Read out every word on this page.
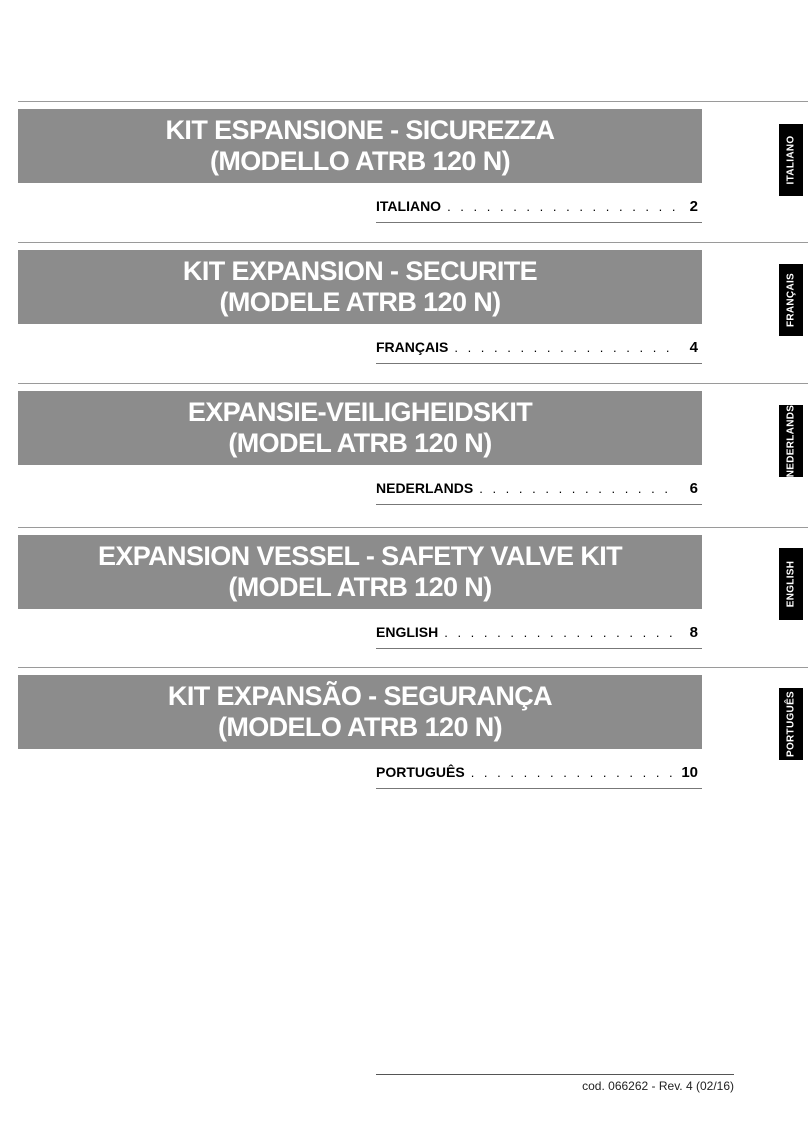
KIT ESPANSIONE - SICUREZZA
(MODELLO ATRB 120 N)
ITALIANO . . .	2
KIT EXPANSION - SECURITE
(MODELE ATRB 120 N)
FRANÇAIS . . .	4
EXPANSIE-VEILIGHEIDSKIT
(MODEL ATRB 120 N)
NEDERLANDS . . .	6
EXPANSION VESSEL - SAFETY VALVE KIT
(MODEL ATRB 120 N)
ENGLISH . . .	8
KIT EXPANSÃO - SEGURANÇA
(MODELO ATRB 120 N)
PORTUGUÊS . . .	10
ITALIANO
FRANÇAIS
NEDERLANDS
ENGLISH
PORTUGUÊS
cod. 066262 - Rev. 4 (02/16)
